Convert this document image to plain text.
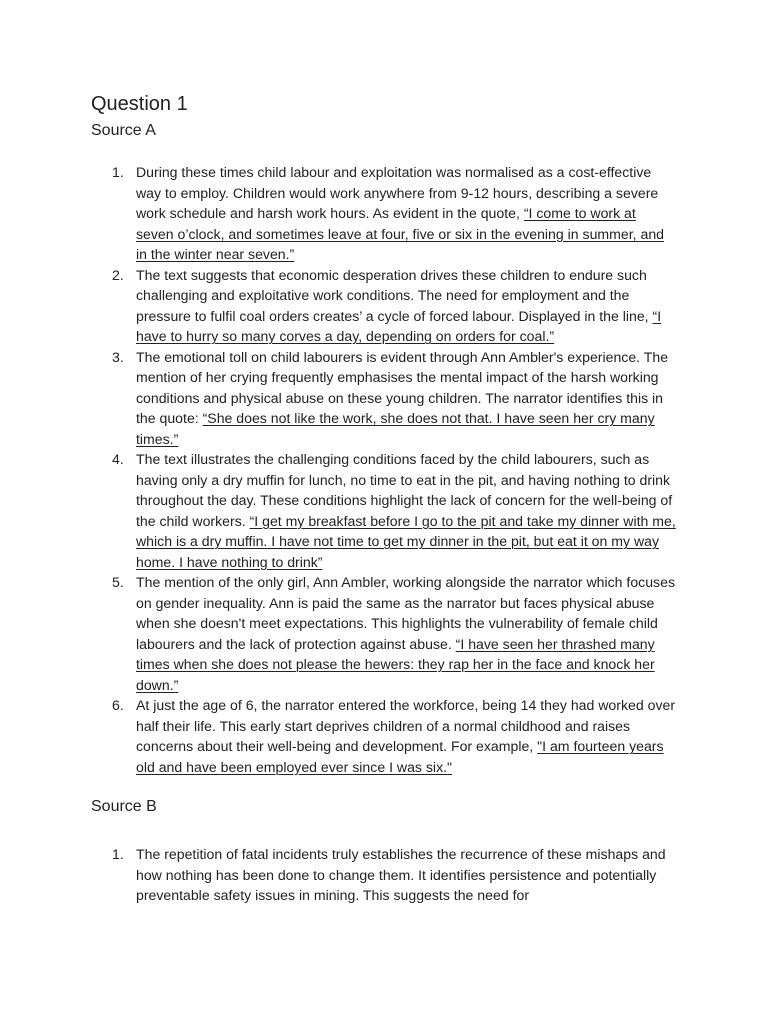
Question 1
Source A
1. During these times child labour and exploitation was normalised as a cost-effective way to employ. Children would work anywhere from 9-12 hours, describing a severe work schedule and harsh work hours. As evident in the quote, “I come to work at seven o’clock, and sometimes leave at four, five or six in the evening in summer, and in the winter near seven.”
2. The text suggests that economic desperation drives these children to endure such challenging and exploitative work conditions. The need for employment and the pressure to fulfil coal orders creates’ a cycle of forced labour. Displayed in the line, “I have to hurry so many corves a day, depending on orders for coal.”
3. The emotional toll on child labourers is evident through Ann Ambler's experience. The mention of her crying frequently emphasises the mental impact of the harsh working conditions and physical abuse on these young children. The narrator identifies this in the quote: “She does not like the work, she does not that. I have seen her cry many times.”
4. The text illustrates the challenging conditions faced by the child labourers, such as having only a dry muffin for lunch, no time to eat in the pit, and having nothing to drink throughout the day. These conditions highlight the lack of concern for the well-being of the child workers. “I get my breakfast before I go to the pit and take my dinner with me, which is a dry muffin. I have not time to get my dinner in the pit, but eat it on my way home. I have nothing to drink”
5. The mention of the only girl, Ann Ambler, working alongside the narrator which focuses on gender inequality. Ann is paid the same as the narrator but faces physical abuse when she doesn't meet expectations. This highlights the vulnerability of female child labourers and the lack of protection against abuse. “I have seen her thrashed many times when she does not please the hewers: they rap her in the face and knock her down.”
6. At just the age of 6, the narrator entered the workforce, being 14 they had worked over half their life. This early start deprives children of a normal childhood and raises concerns about their well-being and development. For example, "I am fourteen years old and have been employed ever since I was six."
Source B
1. The repetition of fatal incidents truly establishes the recurrence of these mishaps and how nothing has been done to change them. It identifies persistence and potentially preventable safety issues in mining. This suggests the need for
